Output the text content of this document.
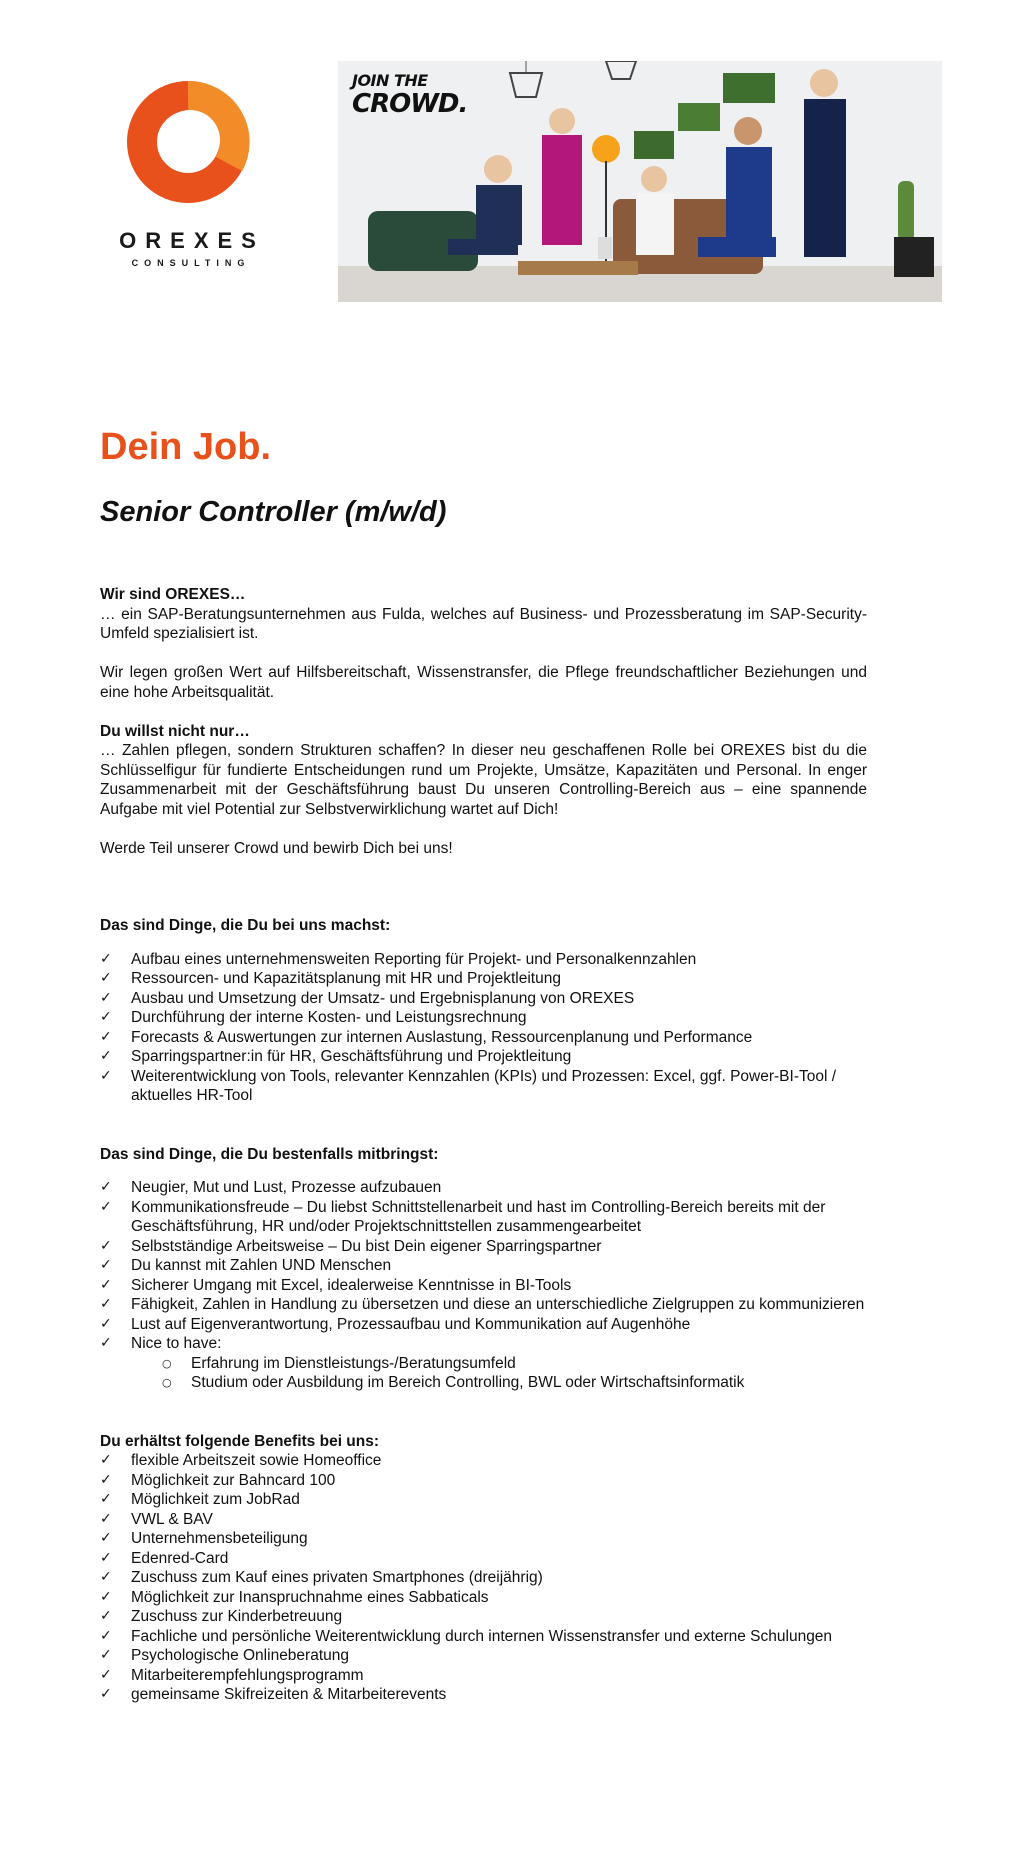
OREXES
CONSULTING
JOIN THE
CROWD.
Dein Job.
Senior Controller (m/w/d)
Wir sind OREXES…

… ein SAP-Beratungsunternehmen aus Fulda, welches auf Business- und Prozessberatung im SAP-Security-Umfeld spezialisiert ist.

Wir legen großen Wert auf Hilfsbereitschaft, Wissenstransfer, die Pflege freundschaftlicher Beziehungen und eine hohe Arbeitsqualität.

Du willst nicht nur…

… Zahlen pflegen, sondern Strukturen schaffen? In dieser neu geschaffenen Rolle bei OREXES bist du die Schlüsselfigur für fundierte Entscheidungen rund um Projekte, Umsätze, Kapazitäten und Personal. In enger Zusammenarbeit mit der Geschäftsführung baust Du unseren Controlling-Bereich aus – eine spannende Aufgabe mit viel Potential zur Selbstverwirklichung wartet auf Dich!

Werde Teil unserer Crowd und bewirb Dich bei uns!

Das sind Dinge, die Du bei uns machst:
✓ Aufbau eines unternehmensweiten Reporting für Projekt- und Personalkennzahlen
✓ Ressourcen- und Kapazitätsplanung mit HR und Projektleitung
✓ Ausbau und Umsetzung der Umsatz- und Ergebnisplanung von OREXES
✓ Durchführung der interne Kosten- und Leistungsrechnung
✓ Forecasts & Auswertungen zur internen Auslastung, Ressourcenplanung und Performance
✓ Sparringspartner:in für HR, Geschäftsführung und Projektleitung
✓ Weiterentwicklung von Tools, relevanter Kennzahlen (KPIs) und Prozessen: Excel, ggf. Power-BI-Tool / aktuelles HR-Tool
Das sind Dinge, die Du bestenfalls mitbringst:
✓ Neugier, Mut und Lust, Prozesse aufzubauen
✓ Kommunikationsfreude – Du liebst Schnittstellenarbeit und hast im Controlling-Bereich bereits mit der Geschäftsführung, HR und/oder Projektschnittstellen zusammengearbeitet
✓ Selbstständige Arbeitsweise – Du bist Dein eigener Sparringspartner
✓ Du kannst mit Zahlen UND Menschen
✓ Sicherer Umgang mit Excel, idealerweise Kenntnisse in BI-Tools
✓ Fähigkeit, Zahlen in Handlung zu übersetzen und diese an unterschiedliche Zielgruppen zu kommunizieren
✓ Lust auf Eigenverantwortung, Prozessaufbau und Kommunikation auf Augenhöhe
✓ Nice to have:
○ Erfahrung im Dienstleistungs-/Beratungsumfeld
○ Studium oder Ausbildung im Bereich Controlling, BWL oder Wirtschaftsinformatik
Du erhältst folgende Benefits bei uns:
✓ flexible Arbeitszeit sowie Homeoffice
✓ Möglichkeit zur Bahncard 100
✓ Möglichkeit zum JobRad
✓ VWL & BAV
✓ Unternehmensbeteiligung
✓ Edenred-Card
✓ Zuschuss zum Kauf eines privaten Smartphones (dreijährig)
✓ Möglichkeit zur Inanspruchnahme eines Sabbaticals
✓ Zuschuss zur Kinderbetreuung
✓ Fachliche und persönliche Weiterentwicklung durch internen Wissenstransfer und externe Schulungen
✓ Psychologische Onlineberatung
✓ Mitarbeiterempfehlungsprogramm
✓ gemeinsame Skifreizeiten & Mitarbeiterevents
